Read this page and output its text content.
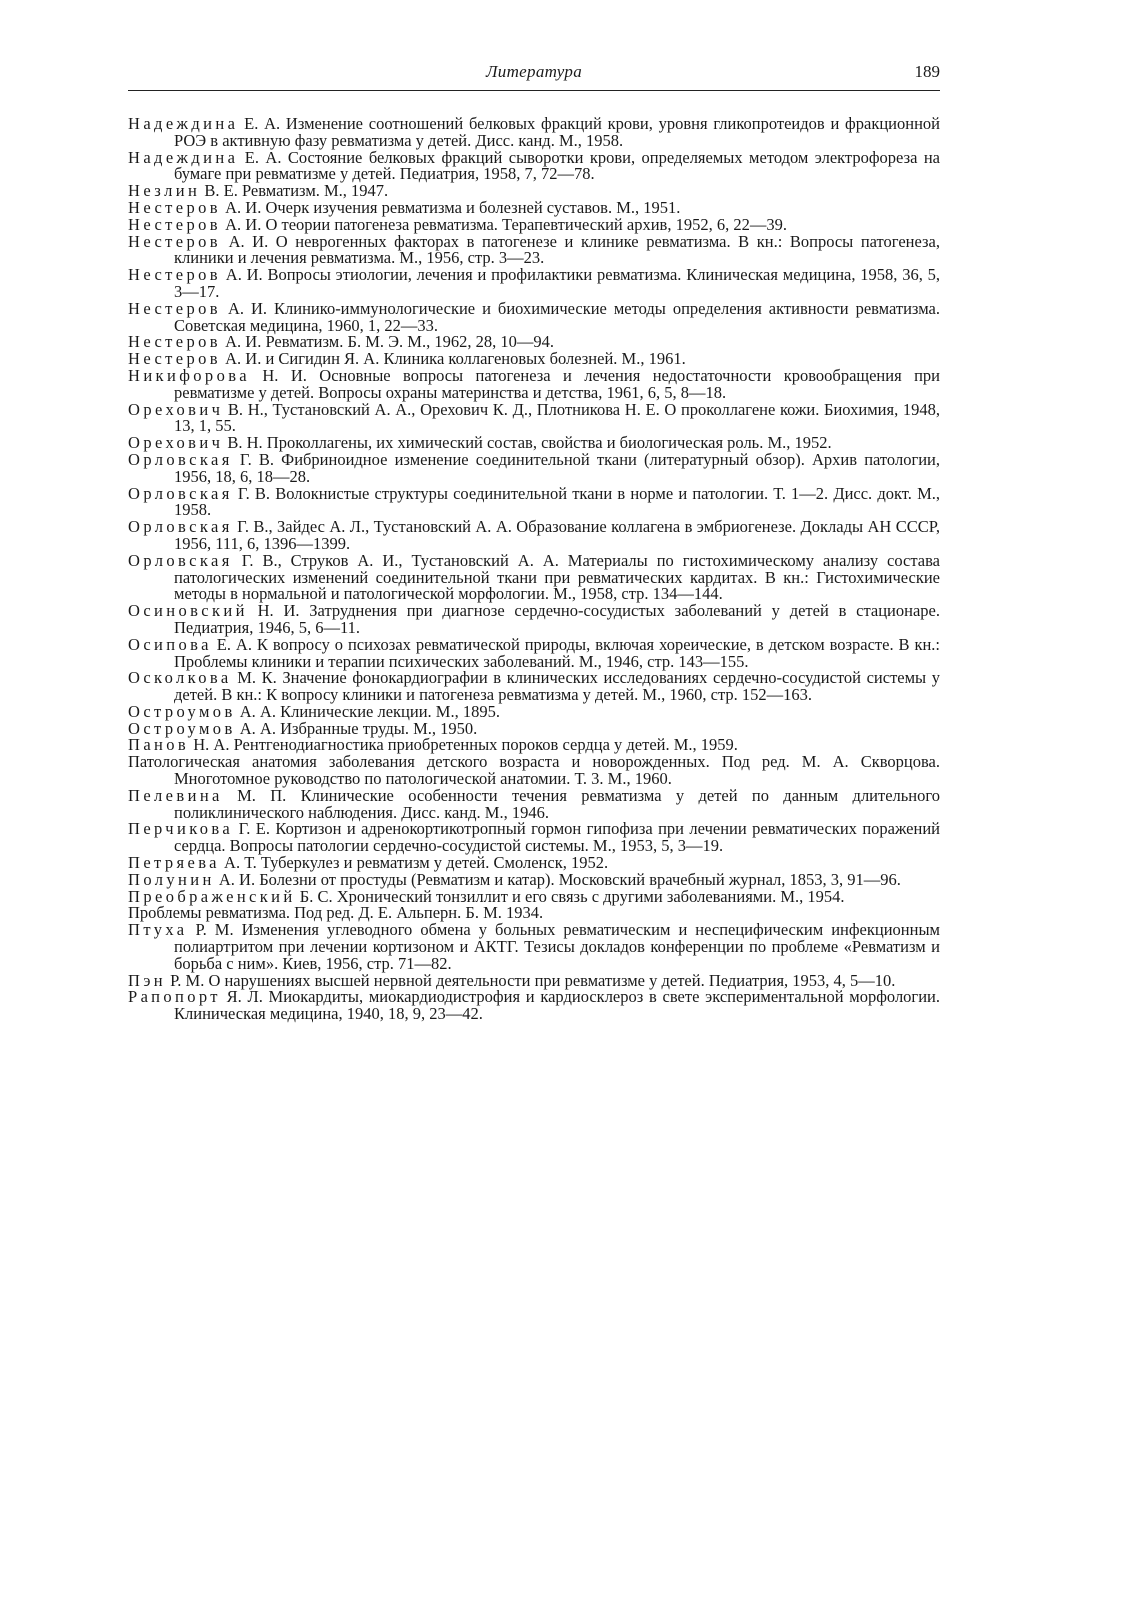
Литература	189
Надеждина Е. А. Изменение соотношений белковых фракций крови, уровня гликопротеидов и фракционной РОЭ в активную фазу ревматизма у детей. Дисс. канд. М., 1958.
Надеждина Е. А. Состояние белковых фракций сыворотки крови, определяемых методом электрофореза на бумаге при ревматизме у детей. Педиатрия, 1958, 7, 72—78.
Незлин В. Е. Ревматизм. М., 1947.
Нестеров А. И. Очерк изучения ревматизма и болезней суставов. М., 1951.
Нестеров А. И. О теории патогенеза ревматизма. Терапевтический архив, 1952, 6, 22—39.
Нестеров А. И. О неврогенных факторах в патогенезе и клинике ревматизма. В кн.: Вопросы патогенеза, клиники и лечения ревматизма. М., 1956, стр. 3—23.
Нестеров А. И. Вопросы этиологии, лечения и профилактики ревматизма. Клиническая медицина, 1958, 36, 5, 3—17.
Нестеров А. И. Клинико-иммунологические и биохимические методы определения активности ревматизма. Советская медицина, 1960, 1, 22—33.
Нестеров А. И. Ревматизм. Б. М. Э. М., 1962, 28, 10—94.
Нестеров А. И. и Сигидин Я. А. Клиника коллагеновых болезней. М., 1961.
Никифорова Н. И. Основные вопросы патогенеза и лечения недостаточности кровообращения при ревматизме у детей. Вопросы охраны материнства и детства, 1961, 6, 5, 8—18.
Орехович В. Н., Тустановский А. А., Орехович К. Д., Плотникова Н. Е. О проколлагене кожи. Биохимия, 1948, 13, 1, 55.
Орехович В. Н. Проколлагены, их химический состав, свойства и биологическая роль. М., 1952.
Орловская Г. В. Фибриноидное изменение соединительной ткани (литературный обзор). Архив патологии, 1956, 18, 6, 18—28.
Орловская Г. В. Волокнистые структуры соединительной ткани в норме и патологии. Т. 1—2. Дисс. докт. М., 1958.
Орловская Г. В., Зайдес А. Л., Тустановский А. А. Образование коллагена в эмбриогенезе. Доклады АН СССР, 1956, 111, 6, 1396—1399.
Орловская Г. В., Струков А. И., Тустановский А. А. Материалы по гистохимическому анализу состава патологических изменений соединительной ткани при ревматических кардитах. В кн.: Гистохимические методы в нормальной и патологической морфологии. М., 1958, стр. 134—144.
Осиновский Н. И. Затруднения при диагнозе сердечно-сосудистых заболеваний у детей в стационаре. Педиатрия, 1946, 5, 6—11.
Осипова Е. А. К вопросу о психозах ревматической природы, включая хореические, в детском возрасте. В кн.: Проблемы клиники и терапии психических заболеваний. М., 1946, стр. 143—155.
Осколкова М. К. Значение фонокардиографии в клинических исследованиях сердечно-сосудистой системы у детей. В кн.: К вопросу клиники и патогенеза ревматизма у детей. М., 1960, стр. 152—163.
Остроумов А. А. Клинические лекции. М., 1895.
Остроумов А. А. Избранные труды. М., 1950.
Панов Н. А. Рентгенодиагностика приобретенных пороков сердца у детей. М., 1959.
Патологическая анатомия заболевания детского возраста и новорожденных. Под ред. М. А. Скворцова. Многотомное руководство по патологической анатомии. Т. 3. М., 1960.
Пелевина М. П. Клинические особенности течения ревматизма у детей по данным длительного поликлинического наблюдения. Дисс. канд. М., 1946.
Перчикова Г. Е. Кортизон и адренокортикотропный гормон гипофиза при лечении ревматических поражений сердца. Вопросы патологии сердечно-сосудистой системы. М., 1953, 5, 3—19.
Петряева А. Т. Туберкулез и ревматизм у детей. Смоленск, 1952.
Полунин А. И. Болезни от простуды (Ревматизм и катар). Московский врачебный журнал, 1853, 3, 91—96.
Преображенский Б. С. Хронический тонзиллит и его связь с другими заболеваниями. М., 1954.
Проблемы ревматизма. Под ред. Д. Е. Альперн. Б. М. 1934.
Птуха Р. М. Изменения углеводного обмена у больных ревматическим и неспецифическим инфекционным полиартритом при лечении кортизоном и АКТГ. Тезисы докладов конференции по проблеме «Ревматизм и борьба с ним». Киев, 1956, стр. 71—82.
Пэн Р. М. О нарушениях высшей нервной деятельности при ревматизме у детей. Педиатрия, 1953, 4, 5—10.
Рапопорт Я. Л. Миокардиты, миокардиодистрофия и кардиосклероз в свете экспериментальной морфологии. Клиническая медицина, 1940, 18, 9, 23—42.
